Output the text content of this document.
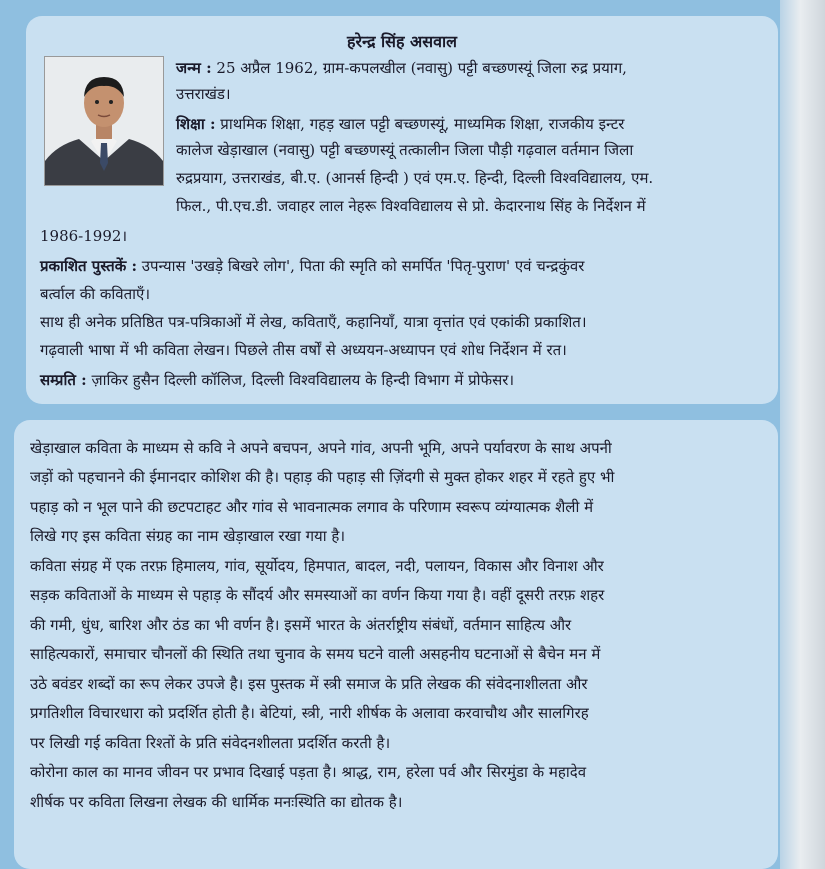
हरेन्द्र सिंह असवाल
जन्म : 25 अप्रैल 1962, ग्राम-कपलखील (नवासु) पट्टी बच्छणस्यूं जिला रुद्र प्रयाग,
उत्तराखंड।
शिक्षा : प्राथमिक शिक्षा, गहड़ खाल पट्टी बच्छणस्यूं, माध्यमिक शिक्षा, राजकीय इन्टर
कालेज खेड़ाखाल (नवासु) पट्टी बच्छणस्यूं तत्कालीन जिला पौड़ी गढ़वाल वर्तमान जिला
रुद्रप्रयाग, उत्तराखंड, बी.ए. (आनर्स हिन्दी ) एवं एम.ए. हिन्दी, दिल्ली विश्वविद्यालय, एम.
फिल., पी.एच.डी. जवाहर लाल नेहरू विश्वविद्यालय से प्रो. केदारनाथ सिंह के निर्देशन में
1986-1992।
प्रकाशित पुस्तकें : उपन्यास 'उखड़े बिखरे लोग', पिता की स्मृति को समर्पित 'पितृ-पुराण' एवं चन्द्रकुंवर
बर्त्वाल की कविताएँ।
साथ ही अनेक प्रतिष्ठित पत्र-पत्रिकाओं में लेख, कविताएँ, कहानियाँ, यात्रा वृत्तांत एवं एकांकी प्रकाशित।
गढ़वाली भाषा में भी कविता लेखन। पिछले तीस वर्षों से अध्ययन-अध्यापन एवं शोध निर्देशन में रत।
सम्प्रति : ज़ाकिर हुसैन दिल्ली कॉलिज, दिल्ली विश्वविद्यालय के हिन्दी विभाग में प्रोफेसर।
खेड़ाखाल कविता के माध्यम से कवि ने अपने बचपन, अपने गांव, अपनी भूमि, अपने पर्यावरण के साथ अपनी
जड़ों को पहचानने की ईमानदार कोशिश की है। पहाड़ की पहाड़ सी ज़िंदगी से मुक्त होकर शहर में रहते हुए भी
पहाड़ को न भूल पाने की छटपटाहट और गांव से भावनात्मक लगाव के परिणाम स्वरूप व्यंग्यात्मक शैली में
लिखे गए इस कविता संग्रह का नाम खेड़ाखाल रखा गया है।
कविता संग्रह में एक तरफ़ हिमालय, गांव, सूर्योदय, हिमपात, बादल, नदी, पलायन, विकास और विनाश और
सड़क कविताओं के माध्यम से पहाड़ के सौंदर्य और समस्याओं का वर्णन किया गया है। वहीं दूसरी तरफ़ शहर
की गमी, धुंध, बारिश और ठंड का भी वर्णन है। इसमें भारत के अंतर्राष्ट्रीय संबंधों, वर्तमान साहित्य और
साहित्यकारों, समाचार चौनलों की स्थिति तथा चुनाव के समय घटने वाली असहनीय घटनाओं से बैचेन मन में
उठे बवंडर शब्दों का रूप लेकर उपजे है। इस पुस्तक में स्त्री समाज के प्रति लेखक की संवेदनाशीलता और
प्रगतिशील विचारधारा को प्रदर्शित होती है। बेटियां, स्त्री, नारी शीर्षक के अलावा करवाचौथ और सालगिरह
पर लिखी गई कविता रिश्तों के प्रति संवेदनशीलता प्रदर्शित करती है।
कोरोना काल का मानव जीवन पर प्रभाव दिखाई पड़ता है। श्राद्ध, राम, हरेला पर्व और सिरमुंडा के महादेव
शीर्षक पर कविता लिखना लेखक की धार्मिक मनःस्थिति का द्योतक है।
